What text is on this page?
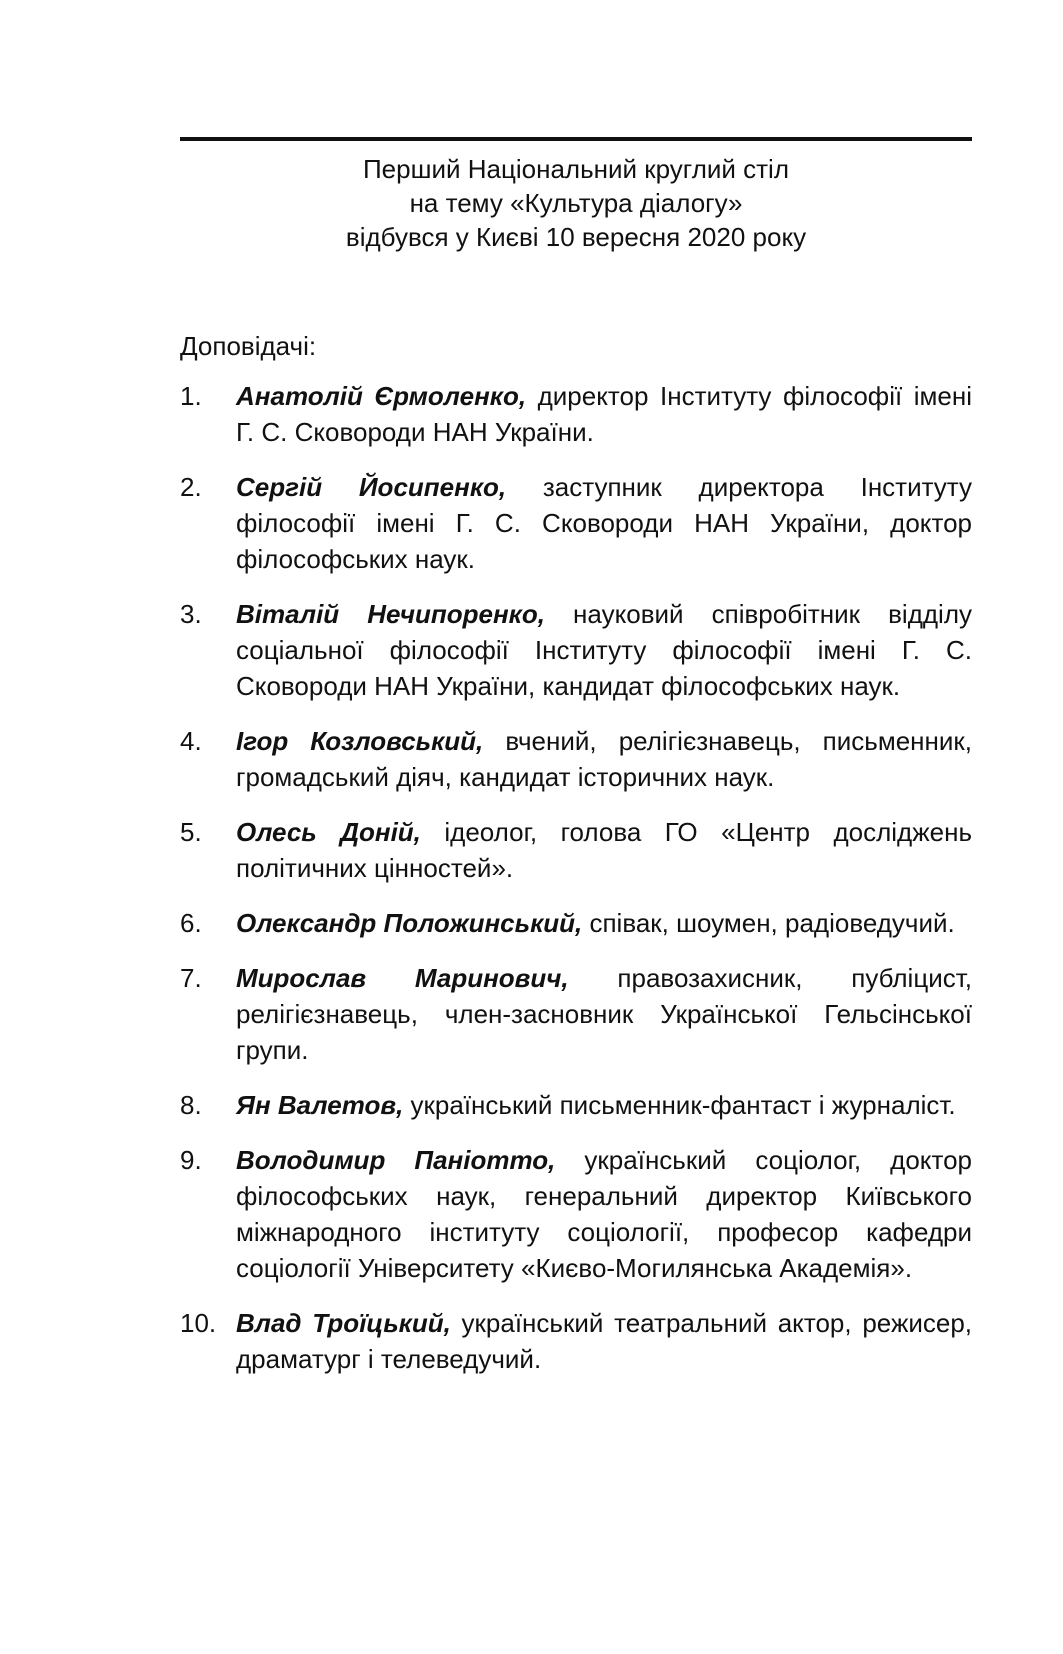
Перший Національний круглий стіл
на тему «Культура діалогу»
відбувся у Києві 10 вересня 2020 року
Доповідачі:
1. Анатолій Єрмоленко, директор Інституту філософії імені Г. С. Сковороди НАН України.
2. Сергій Йосипенко, заступник директора Інституту філософії імені Г. С. Сковороди НАН України, доктор філософських наук.
3. Віталій Нечипоренко, науковий співробітник відділу соціальної філософії Інституту філософії імені Г. С. Сковороди НАН України, кандидат філософських наук.
4. Ігор Козловський, вчений, релігієзнавець, письменник, громадський діяч, кандидат історичних наук.
5. Олесь Доній, ідеолог, голова ГО «Центр досліджень політичних цінностей».
6. Олександр Положинський, співак, шоумен, радіоведучий.
7. Мирослав Маринович, правозахисник, публіцист, релігієзнавець, член-засновник Української Гельсінської групи.
8. Ян Валетов, український письменник-фантаст і журналіст.
9. Володимир Паніотто, український соціолог, доктор філософських наук, генеральний директор Київського міжнародного інституту соціології, професор кафедри соціології Університету «Києво-Могилянська Академія».
10. Влад Троїцький, український театральний актор, режисер, драматург і телеведучий.
